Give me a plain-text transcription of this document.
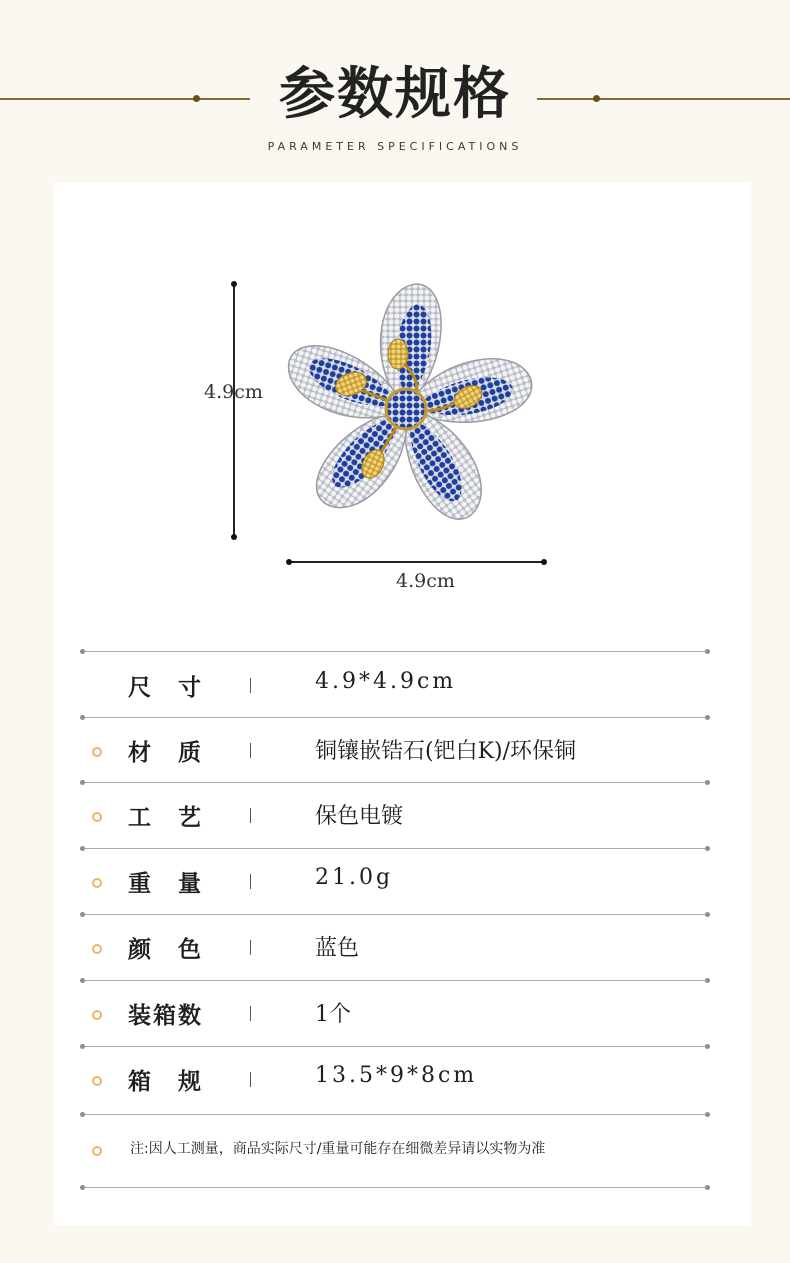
参数规格
PARAMETER SPECIFICATIONS
4.9cm
4.9cm
尺　寸	4.9*4.9cm
材　质	铜镶嵌锆石(钯白K)/环保铜
工　艺	保色电镀
重　量	21.0g
颜　色	蓝色
装箱数	1个
箱　规	13.5*9*8cm
注:因人工测量，商品实际尺寸/重量可能存在细微差异请以实物为准
